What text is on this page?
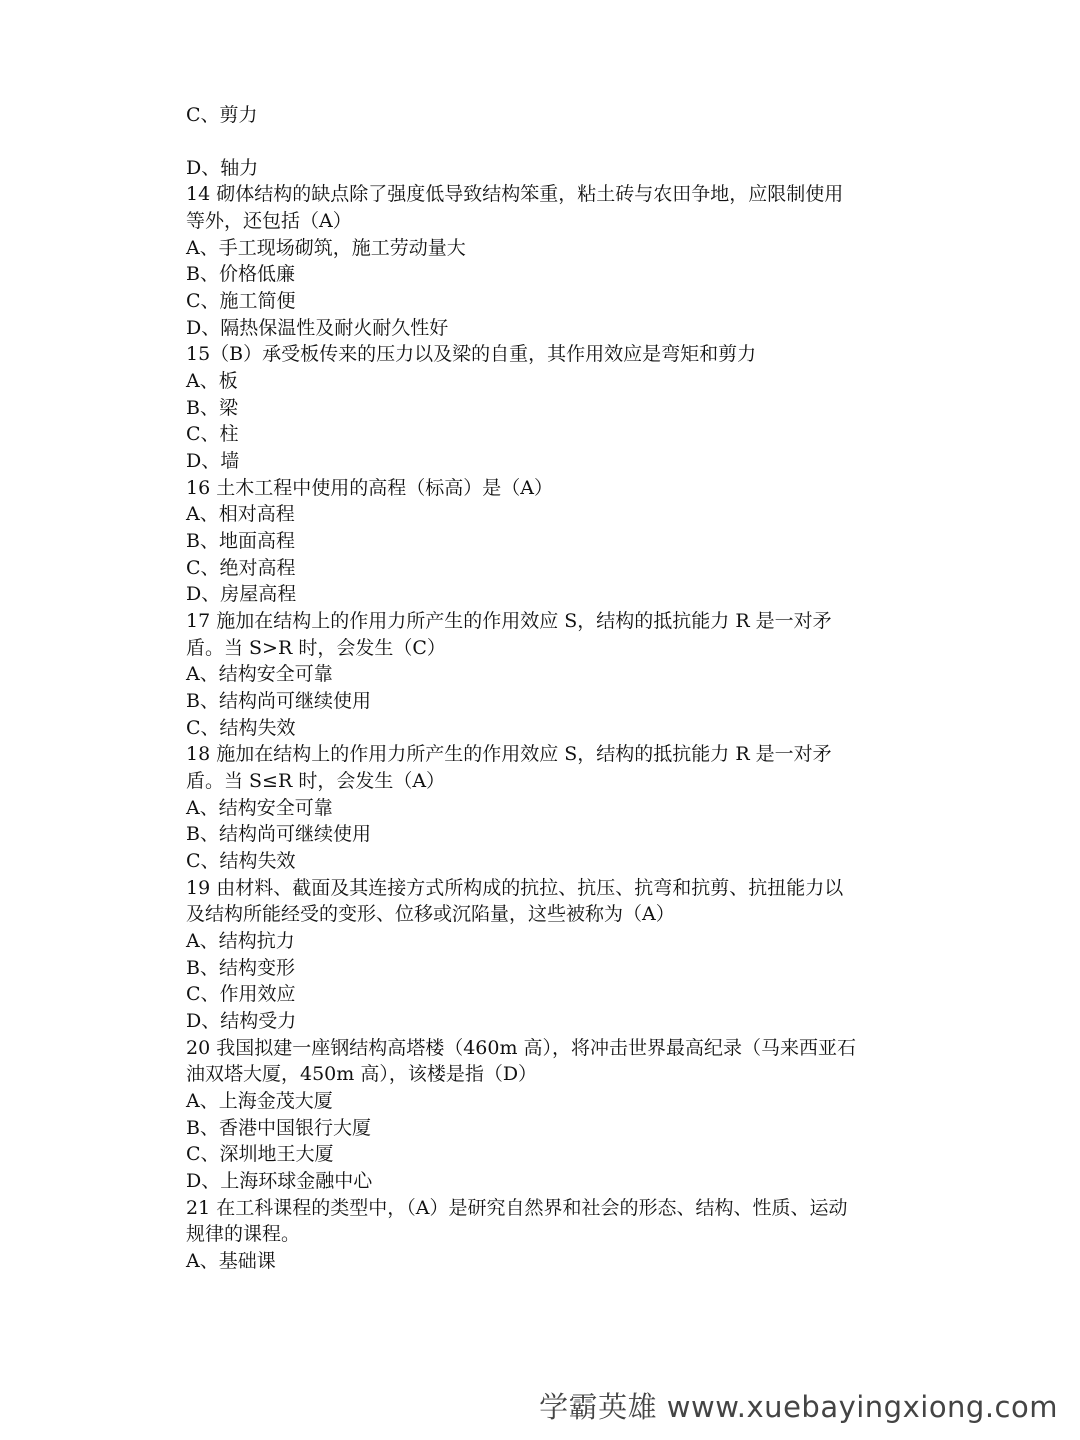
C、剪力
D、轴力
14 砌体结构的缺点除了强度低导致结构笨重，粘土砖与农田争地，应限制使用
等外，还包括（A）
A、手工现场砌筑，施工劳动量大
B、价格低廉
C、施工简便
D、隔热保温性及耐火耐久性好
15（B）承受板传来的压力以及梁的自重，其作用效应是弯矩和剪力
A、板
B、梁
C、柱
D、墙
16 土木工程中使用的高程（标高）是（A）
A、相对高程
B、地面高程
C、绝对高程
D、房屋高程
17 施加在结构上的作用力所产生的作用效应 S，结构的抵抗能力 R 是一对矛
盾。当 S>R 时，会发生（C）
A、结构安全可靠
B、结构尚可继续使用
C、结构失效
18 施加在结构上的作用力所产生的作用效应 S，结构的抵抗能力 R 是一对矛
盾。当 S≤R 时，会发生（A）
A、结构安全可靠
B、结构尚可继续使用
C、结构失效
19 由材料、截面及其连接方式所构成的抗拉、抗压、抗弯和抗剪、抗扭能力以
及结构所能经受的变形、位移或沉陷量，这些被称为（A）
A、结构抗力
B、结构变形
C、作用效应
D、结构受力
20 我国拟建一座钢结构高塔楼（460m 高），将冲击世界最高纪录（马来西亚石
油双塔大厦，450m 高），该楼是指（D）
A、上海金茂大厦
B、香港中国银行大厦
C、深圳地王大厦
D、上海环球金融中心
21 在工科课程的类型中，（A）是研究自然界和社会的形态、结构、性质、运动
规律的课程。
A、基础课
学霸英雄 www.xuebayingxiong.com
